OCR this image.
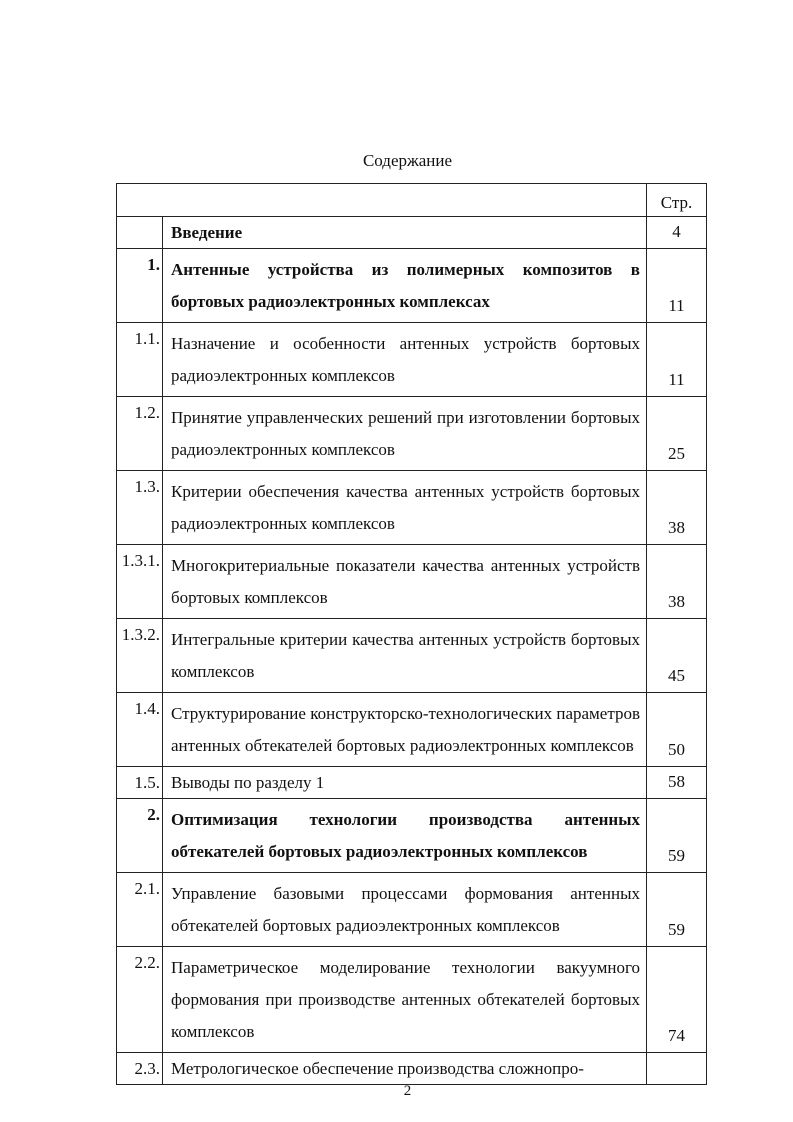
Содержание
		Стр.
	Введение	4
1.	Антенные устройства из полимерных композитов в бортовых радиоэлектронных комплексах	11
1.1.	Назначение и особенности антенных устройств бортовых радиоэлектронных комплексов	11
1.2.	Принятие управленческих решений при изготовлении бортовых радиоэлектронных комплексов	25
1.3.	Критерии обеспечения качества антенных устройств бортовых радиоэлектронных комплексов	38
1.3.1.	Многокритериальные показатели качества антенных устройств бортовых комплексов	38
1.3.2.	Интегральные критерии качества антенных устройств бортовых комплексов	45
1.4.	Структурирование конструкторско-технологических параметров антенных обтекателей бортовых радиоэлектронных комплексов	50
1.5.	Выводы по разделу 1	58
2.	Оптимизация технологии производства антенных обтекателей бортовых радиоэлектронных комплексов	59
2.1.	Управление базовыми процессами формования антенных обтекателей бортовых радиоэлектронных комплексов	59
2.2.	Параметрическое моделирование технологии вакуумного формования при производстве антенных обтекателей бортовых комплексов	74
2.3.	Метрологическое обеспечение производства сложнопро-	
2
